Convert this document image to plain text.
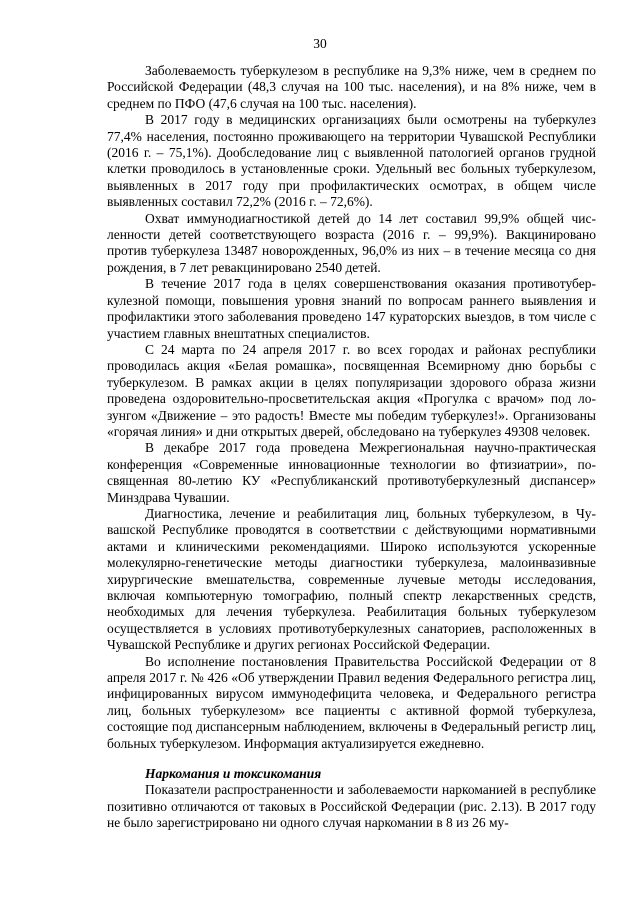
30

Заболеваемость туберкулезом в республике на 9,3% ниже, чем в среднем по Российской Федерации (48,3 случая на 100 тыс. населения), и на 8% ниже, чем в среднем по ПФО (47,6 случая на 100 тыс. населения).

В 2017 году в медицинских организациях были осмотрены на туберкулез 77,4% населения, постоянно проживающего на территории Чувашской Республики (2016 г. – 75,1%). Дообследование лиц с выявленной патологией органов грудной клетки проводилось в установленные сроки. Удельный вес больных туберкулезом, выявленных в 2017 году при профилактических осмотрах, в общем числе выявленных составил 72,2% (2016 г. – 72,6%).

Охват иммунодиагностикой детей до 14 лет составил 99,9% общей численности детей соответствующего возраста (2016 г. – 99,9%). Вакцинировано против туберкулеза 13487 новорожденных, 96,0% из них – в течение месяца со дня рождения, в 7 лет ревакцинировано 2540 детей.

В течение 2017 года в целях совершенствования оказания противотуберкулезной помощи, повышения уровня знаний по вопросам раннего выявления и профилактики этого заболевания проведено 147 кураторских выездов, в том числе с участием главных внештатных специалистов.

С 24 марта по 24 апреля 2017 г. во всех городах и районах республики проводилась акция «Белая ромашка», посвященная Всемирному дню борьбы с туберкулезом. В рамках акции в целях популяризации здорового образа жизни проведена оздоровительно-просветительская акция «Прогулка с врачом» под лозунгом «Движение – это радость! Вместе мы победим туберкулез!». Организованы «горячая линия» и дни открытых дверей, обследовано на туберкулез 49308 человек.

В декабре 2017 года проведена Межрегиональная научно-практическая конференция «Современные инновационные технологии во фтизиатрии», посвященная 80-летию КУ «Республиканский противотуберкулезный диспансер» Минздрава Чувашии.

Диагностика, лечение и реабилитация лиц, больных туберкулезом, в Чувашской Республике проводятся в соответствии с действующими нормативными актами и клиническими рекомендациями. Широко используются ускоренные молекулярно-генетические методы диагностики туберкулеза, малоинвазивные хирургические вмешательства, современные лучевые методы исследования, включая компьютерную томографию, полный спектр лекарственных средств, необходимых для лечения туберкулеза. Реабилитация больных туберкулезом осуществляется в условиях противотуберкулезных санаториев, расположенных в Чувашской Республике и других регионах Российской Федерации.

Во исполнение постановления Правительства Российской Федерации от 8 апреля 2017 г. № 426 «Об утверждении Правил ведения Федерального регистра лиц, инфицированных вирусом иммунодефицита человека, и Федерального регистра лиц, больных туберкулезом» все пациенты с активной формой туберкулеза, состоящие под диспансерным наблюдением, включены в Федеральный регистр лиц, больных туберкулезом. Информация актуализируется ежедневно.

Наркомания и токсикомания

Показатели распространенности и заболеваемости наркоманией в республике позитивно отличаются от таковых в Российской Федерации (рис. 2.13). В 2017 году не было зарегистрировано ни одного случая наркомании в 8 из 26 му-
